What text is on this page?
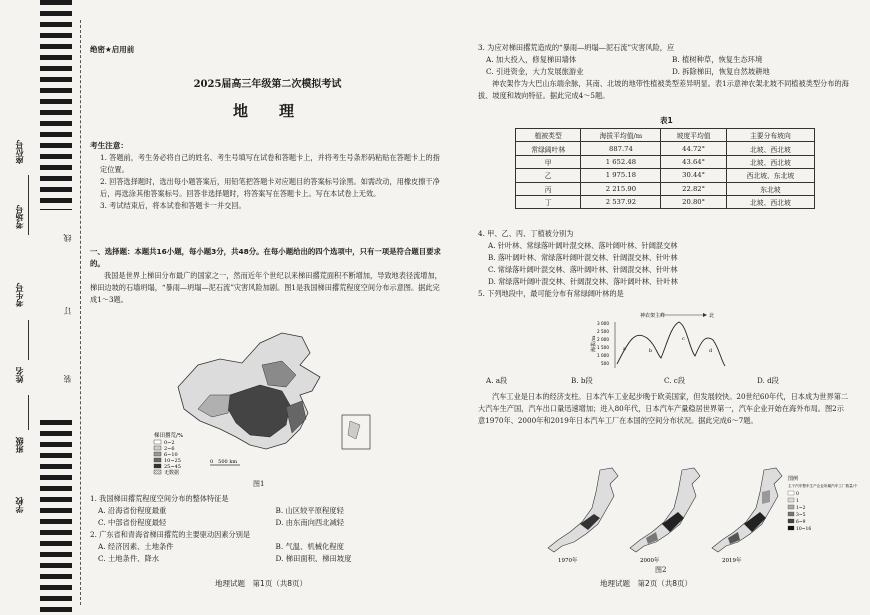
座位号
考场号
考生号
姓名
班级
学校
线
订
装
绝密★启用前
2025届高三年级第二次模拟考试
地　理
考生注意：
1. 答题前，考生务必将自己的姓名、考生号填写在试卷和答题卡上，并将考生号条形码粘贴在答题卡上的指定位置。
2. 回答选择题时，选出每小题答案后，用铅笔把答题卡对应题目的答案标号涂黑。如需改动，用橡皮擦干净后，再选涂其他答案标号。回答非选择题时，将答案写在答题卡上。写在本试卷上无效。
3. 考试结束后，将本试卷和答题卡一并交回。
一、选择题：本题共16小题，每小题3分，共48分。在每小题给出的四个选项中，只有一项是符合题目要求的。
我国是世界上梯田分布最广的国家之一，然而近年个世纪以来梯田撂荒面积不断增加，导致地表径流增加，梯田边坡的石墙坍塌，“暴雨—坍塌—泥石流”灾害风险加剧。图1是我国梯田撂荒程度空间分布示意图。据此完成1～3题。
梯田撂荒/%
0~2
2~6
6~10
10~25
25~45
无数据
0　500 km
图1
1. 我国梯田撂荒程度空间分布的整体特征是
A. 沿海省份程度最重	B. 山区较平原程度轻
C. 中部省份程度最轻	D. 由东南向西北减轻
2. 广东省和青海省梯田撂荒的主要驱动因素分别是
A. 经济因素、土地条件	B. 气温、机械化程度
C. 土地条件、降水	D. 梯田面积、梯田坡度
地理试题　第1页（共8页）
3. 为应对梯田撂荒造成的“暴雨—坍塌—泥石流”灾害风险，应
A. 加大投入，修复梯田墙体	B. 植树种草，恢复生态环境
C. 引进资金，大力发展旅游业	D. 拆除梯田，恢复自然坡耕地
神农架作为大巴山东端余脉，其南、北坡的地带性植被类型差异明显。表1示意神农架北坡不同植被类型分布的海拔、坡度和坡向特征。据此完成4～5题。
表1
植被类型	海拔平均值/m	坡度平均值	主要分布坡向
常绿阔叶林	887.74	44.72°	北坡、西北坡
甲	1 652.48	43.64°	北坡、西北坡
乙	1 975.18	30.44°	西北坡、东北坡
丙	2 215.90	22.82°	东北坡
丁	2 537.92	20.80°	北坡、西北坡
4. 甲、乙、丙、丁植被分别为
A. 针叶林、常绿落叶阔叶混交林、落叶阔叶林、针阔混交林
B. 落叶阔叶林、常绿落叶阔叶混交林、针阔混交林、针叶林
C. 常绿落叶阔叶混交林、落叶阔叶林、针阔混交林、针叶林
D. 常绿落叶阔叶混交林、针阔混交林、落叶阔叶林、针叶林
5. 下列地段中，最可能分布有常绿阔叶林的是
神农架主峰	北
海拔/m
3 000
2 500
2 000
1 500
1 000
500
a	b
c
d
A. a段	B. b段	C. c段	D. d段
汽车工业是日本的经济支柱。日本汽车工业起步晚于欧美国家，但发展较快。20世纪60年代，日本成为世界第二大汽车生产国，汽车出口量迅速增加；进入80年代，日本汽车产量稳居世界第一，汽车企业开始在海外布局。图2示意1970年、2000年和2019年日本汽车工厂在本国的空间分布状况。据此完成6～7题。
1970年	2000年	2019年
图例
主干汽车整车生产企业所属汽车工厂数量/个
0
1
1~2
3~5
6~9
10~16
图2
地理试题　第2页（共8页）
